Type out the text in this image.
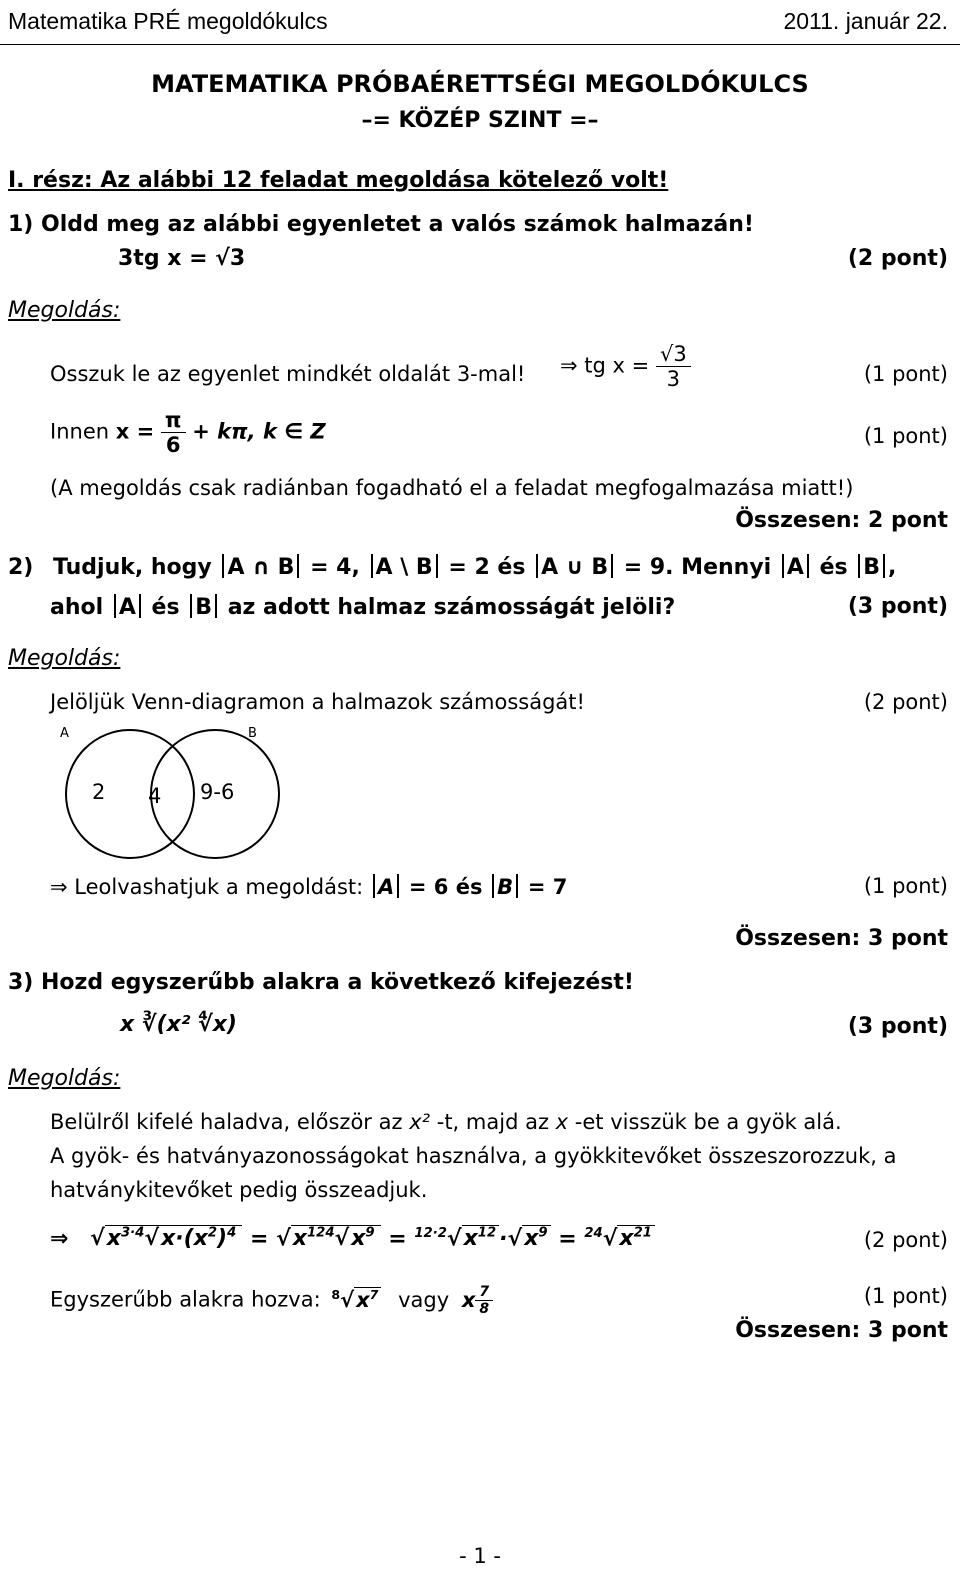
Matematika PRÉ megoldókulcs	2011. január 22.
MATEMATIKA PRÓBAÉRETTSÉGI MEGOLDÓKULCS
–= KÖZÉP SZINT =–
I. rész: Az alábbi 12 feladat megoldása kötelező volt!
1) Oldd meg az alábbi egyenletet a valós számok halmazán!
3tg x = √3	(2 pont)
Megoldás:
Osszuk le az egyenlet mindkét oldalát 3-mal! ⇒ tg $x = \frac{√3}{3}$	(1 pont)
Innen $x = \frac{\pi}{6} + k\pi$, k ∈ Z	(1 pont)
(A megoldás csak radiánban fogadható el a feladat megfogalmazása miatt!)
Összesen: 2 pont
2) Tudjuk, hogy A ∩ B = 4, A \ B = 2 és A ∪ B = 9. Mennyi A és B ,
ahol A és B az adott halmaz számosságát jelöli?	(3 pont)
Megoldás:
Jelöljük Venn-diagramon a halmazok számosságát!	(2 pont)
A	B
2 4 9-6
⇒ Leolvashatjuk a megoldást: A = 6 és B = 7	(1 pont)
Összesen: 3 pont
3) Hozd egyszerűbb alakra a következő kifejezést!
x ∛(x² ∜x)	(3 pont)
Megoldás:
Belülről kifelé haladva, először az x² -t, majd az x -et visszük be a gyök alá.
A gyök- és hatványazonosságokat használva, a gyökkitevőket összeszorozzuk, a
hatványkitevőket pedig összeadjuk.
⇒ $√x^{3\cdot 4}√x\cdot(x^2)^4 = √x^{124}√x^9 = ^{12\cdot 2}√x^{12} \cdot√x^9 = ^{24}√x^{21}$	(2 pont)
Egyszerűbb alakra hozva: $^8√x^7$ vagy x $\frac{7}{8}$	(1 pont)
Összesen: 3 pont
- 1 -
